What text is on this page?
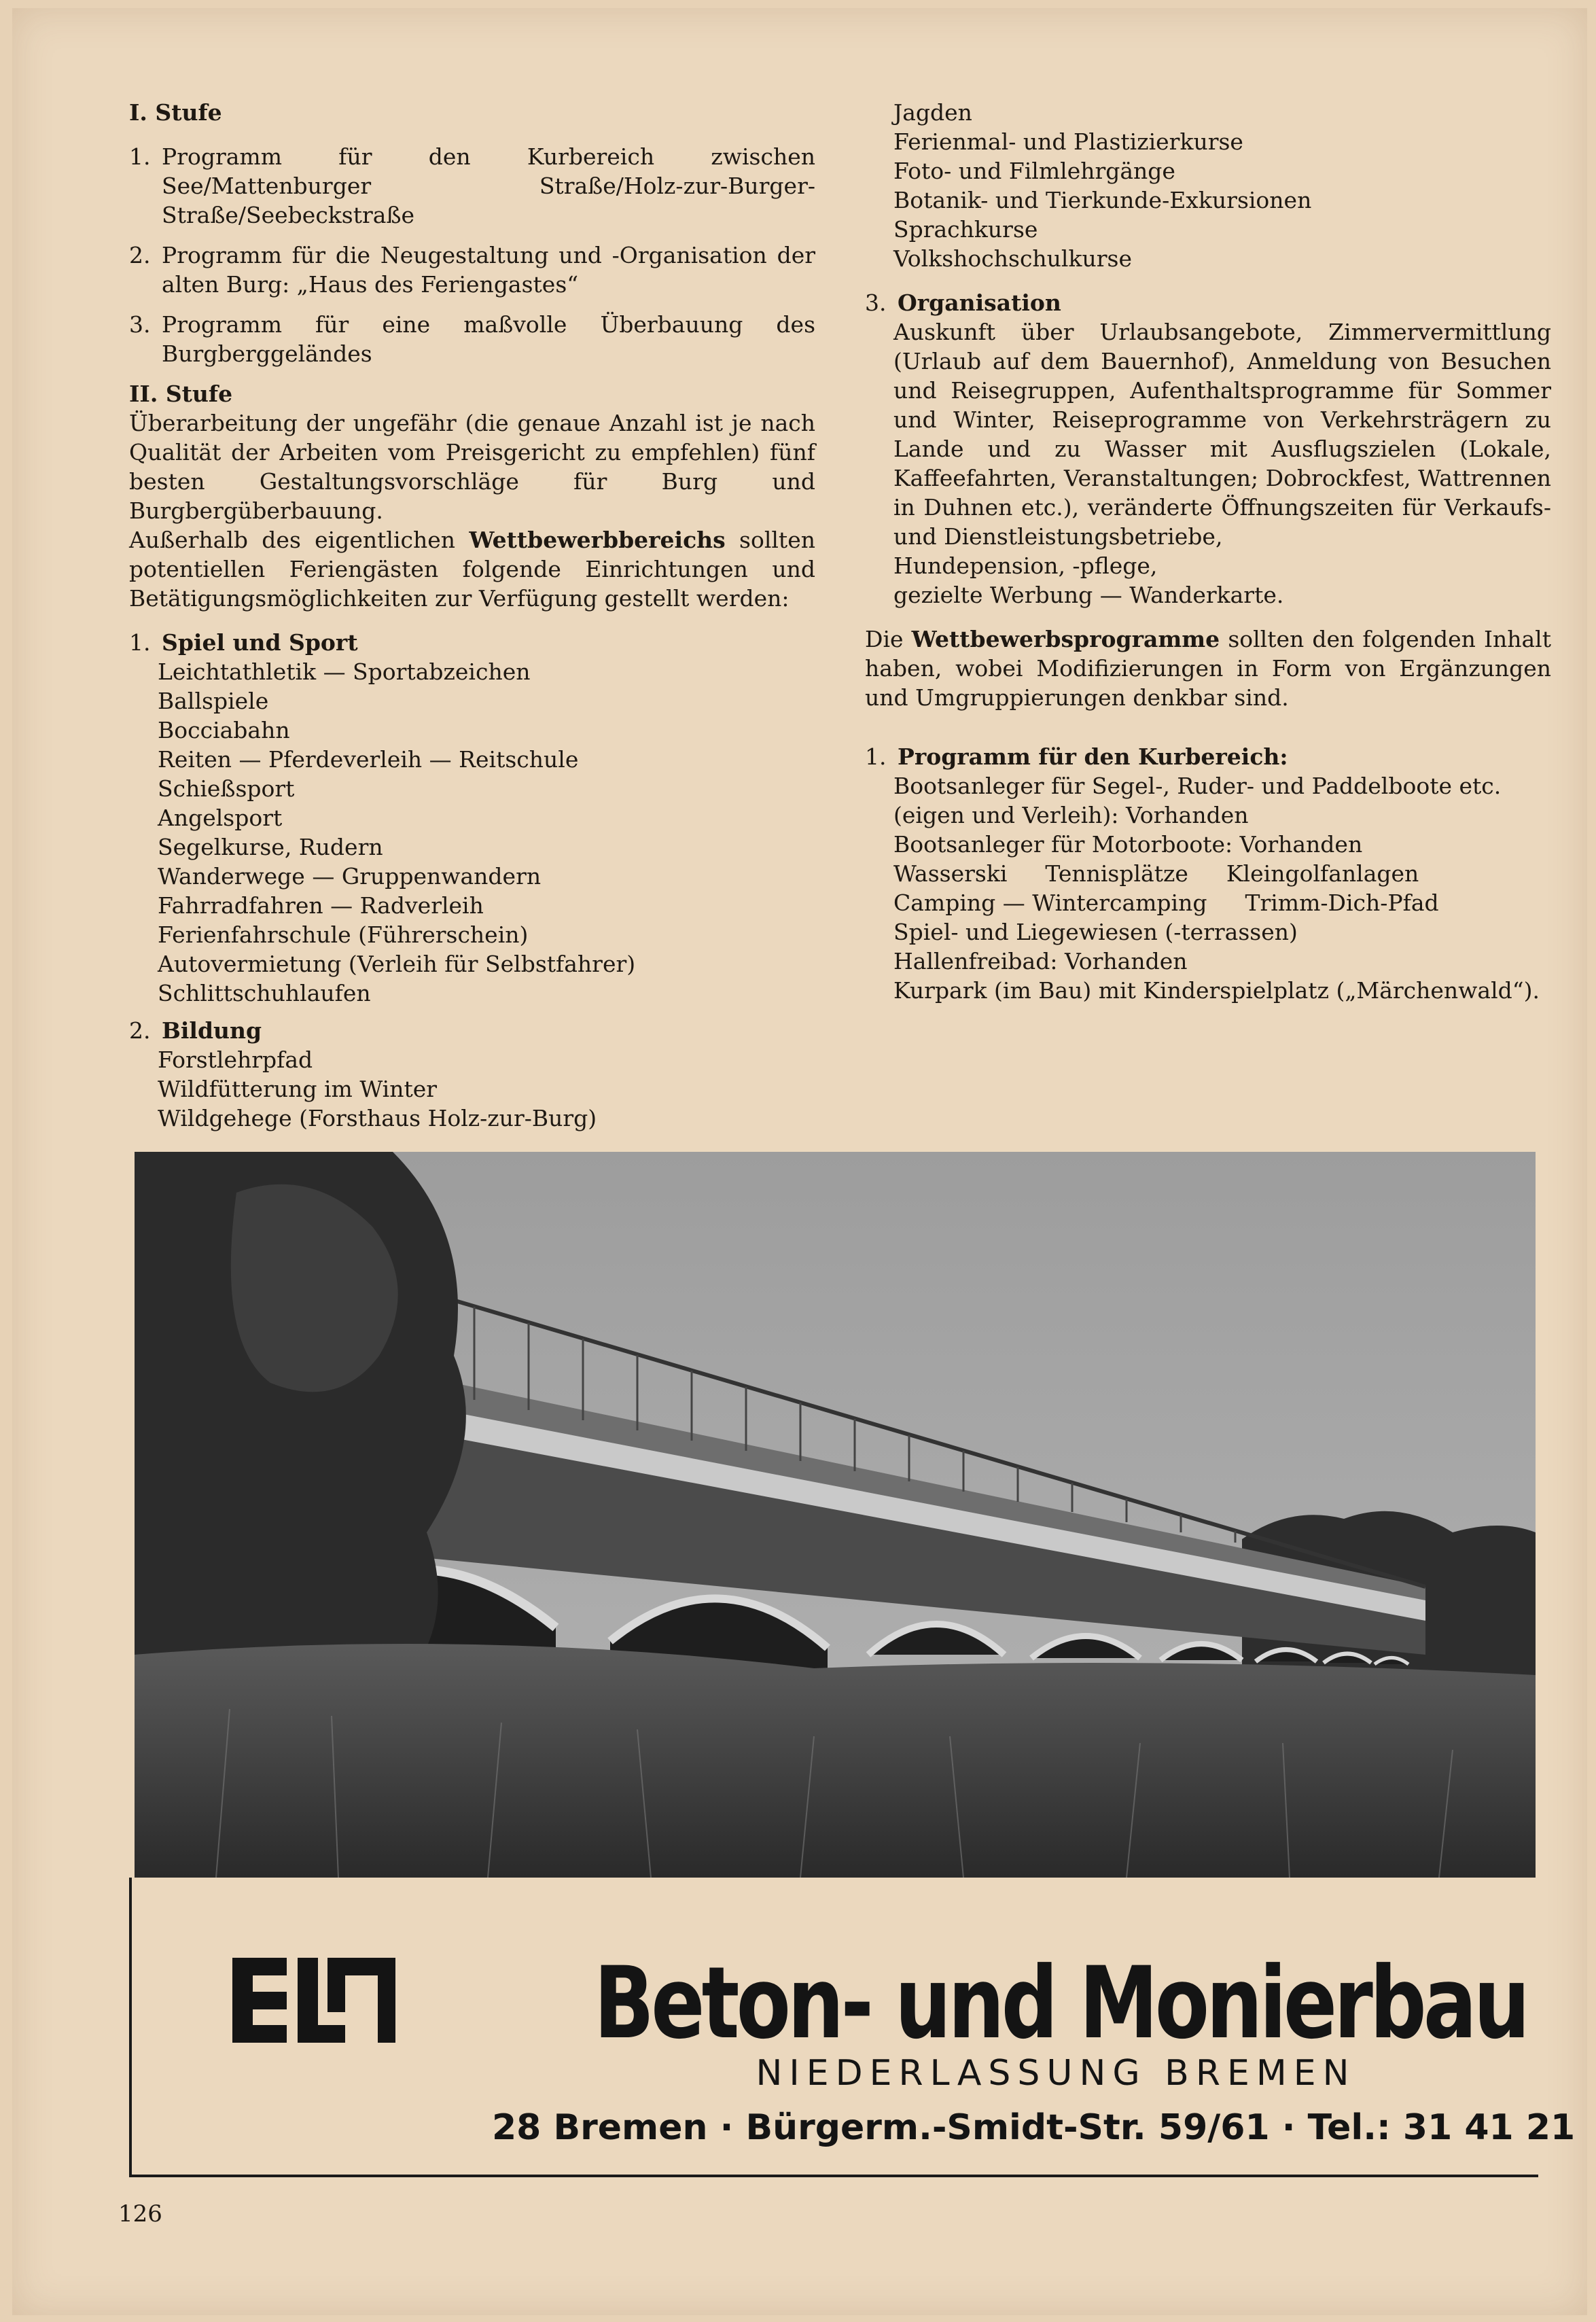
I. Stufe

1. Programm für den Kurbereich zwischen See/Mattenburger Straße/Holz-zur-Burger-Straße/Seebeckstraße
2. Programm für die Neugestaltung und -Organisation der alten Burg: „Haus des Feriengastes“
3. Programm für eine maßvolle Überbauung des Burgberggeländes

II. Stufe

Überarbeitung der ungefähr (die genaue Anzahl ist je nach Qualität der Arbeiten vom Preisgericht zu empfehlen) fünf besten Gestaltungsvorschläge für Burg und Burgbergüberbauung.

Außerhalb des eigentlichen Wettbewerbbereichs sollten potentiellen Feriengästen folgende Einrichtungen und Betätigungsmöglichkeiten zur Verfügung gestellt werden:

1. Spiel und Sport
Leichtathletik — Sportabzeichen
Ballspiele
Bocciabahn
Reiten — Pferdeverleih — Reitschule
Schießsport
Angelsport
Segelkurse, Rudern
Wanderwege — Gruppenwandern
Fahrradfahren — Radverleih
Ferienfahrschule (Führerschein)
Autovermietung (Verleih für Selbstfahrer)
Schlittschuhlaufen
2. Bildung
Forstlehrpfad
Wildfütterung im Winter
Wildgehege (Forsthaus Holz-zur-Burg)
Jagden
Ferienmal- und Plastizierkurse
Foto- und Filmlehrgänge
Botanik- und Tierkunde-Exkursionen
Sprachkurse
Volkshochschulkurse
3. Organisation

Auskunft über Urlaubsangebote, Zimmervermittlung (Urlaub auf dem Bauernhof), Anmeldung von Besuchen und Reisegruppen, Aufenthaltsprogramme für Sommer und Winter, Reiseprogramme von Verkehrsträgern zu Lande und zu Wasser mit Ausflugszielen (Lokale, Kaffeefahrten, Veranstaltungen; Dobrockfest, Wattrennen in Duhnen etc.), veränderte Öffnungszeiten für Verkaufs- und Dienstleistungsbetriebe,

Hundepension, -pflege,
gezielte Werbung — Wanderkarte.

Die Wettbewerbsprogramme sollten den folgenden Inhalt haben, wobei Modifizierungen in Form von Ergänzungen und Umgruppierungen denkbar sind.

1. Programm für den Kurbereich:
Bootsanleger für Segel-, Ruder- und Paddelboote etc.
(eigen und Verleih): Vorhanden
Bootsanleger für Motorboote: Vorhanden
Wasserski Tennisplätze Kleingolfanlagen
Camping — Wintercamping Trimm-Dich-Pfad
Spiel- und Liegewiesen (-terrassen)
Hallenfreibad: Vorhanden
Kurpark (im Bau) mit Kinderspielplatz („Märchenwald“).
Beton- und Monierbau
NIEDERLASSUNG BREMEN
28 Bremen · Bürgerm.-Smidt-Str. 59/61 · Tel.: 31 41 21
126
